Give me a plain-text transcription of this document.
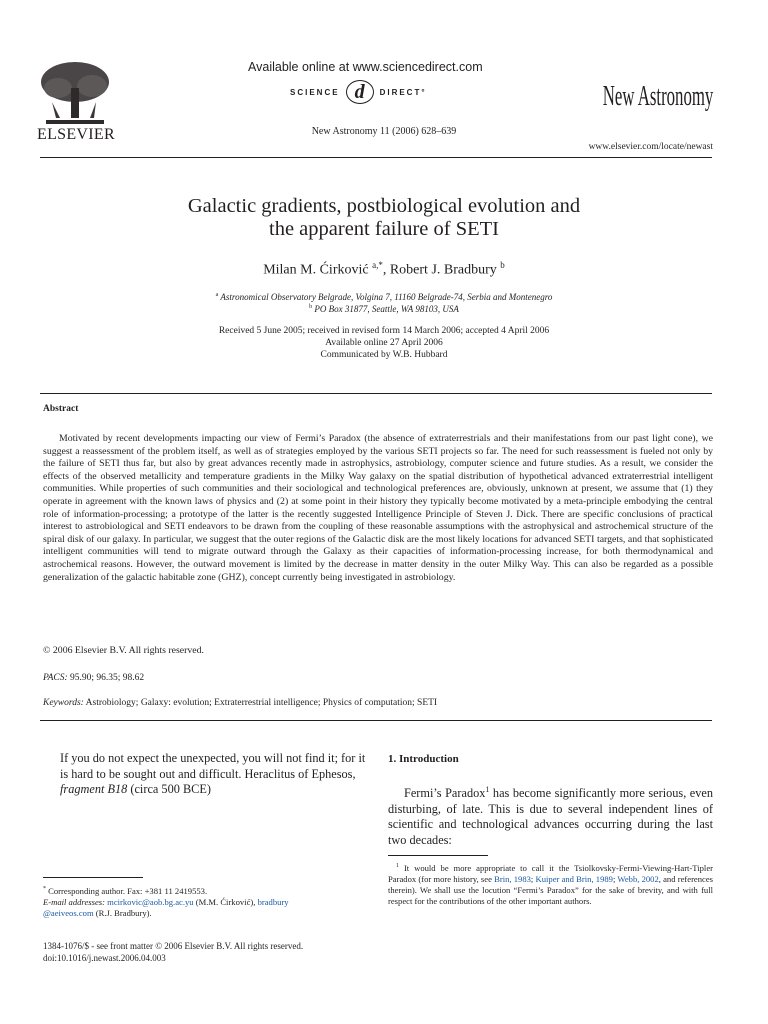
ELSEVIER
Available online at www.sciencedirect.com
SCIENCE d	DIRECT°
New Astronomy 11 (2006) 628–639
New Astronomy
www.elsevier.com/locate/newast
Galactic gradients, postbiological evolution and
the apparent failure of SETI
Milan M. Ćirković $^{a,*}$, Robert J. Bradbury $^b$
$^a$ Astronomical Observatory Belgrade, Volgina 7, 11160 Belgrade-74, Serbia and Montenegro
$^b$ PO Box 31877, Seattle, WA 98103, USA
Received 5 June 2005; received in revised form 14 March 2006; accepted 4 April 2006
Available online 27 April 2006
Communicated by W.B. Hubbard
Abstract
Motivated by recent developments impacting our view of Fermi’s Paradox (the absence of extraterrestrials and their manifestations from our past light cone), we suggest a reassessment of the problem itself, as well as of strategies employed by the various SETI projects so far. The need for such reassessment is fueled not only by the failure of SETI thus far, but also by great advances recently made in astrophysics, astrobiology, computer science and future studies. As a result, we consider the effects of the observed metallicity and temperature gradients in the Milky Way galaxy on the spatial distribution of hypothetical advanced extraterrestrial intelligent communities. While properties of such communities and their sociological and technological preferences are, obviously, unknown at present, we assume that (1) they operate in agreement with the known laws of physics and (2) at some point in their history they typically become motivated by a meta-principle embodying the central role of information-processing; a prototype of the latter is the recently suggested Intelligence Principle of Steven J. Dick. There are specific conclusions of practical interest to astrobiological and SETI endeavors to be drawn from the coupling of these reasonable assumptions with the astrophysical and astrochemical structure of the spiral disk of our galaxy. In particular, we suggest that the outer regions of the Galactic disk are the most likely locations for advanced SETI targets, and that sophisticated intelligent communities will tend to migrate outward through the Galaxy as their capacities of information-processing increase, for both thermodynamical and astrochemical reasons. However, the outward movement is limited by the decrease in matter density in the outer Milky Way. This can also be regarded as a possible generalization of the galactic habitable zone (GHZ), concept currently being investigated in astrobiology.
© 2006 Elsevier B.V. All rights reserved.
PACS: 95.90; 96.35; 98.62
Keywords: Astrobiology; Galaxy: evolution; Extraterrestrial intelligence; Physics of computation; SETI
If you do not expect the unexpected, you will not find it; for it is hard to be sought out and difficult. Heraclitus of Ephesos, fragment B18 (circa 500 BCE)
* Corresponding author. Fax: +381 11 2419553.
E-mail addresses: mcirkovic@aob.bg.ac.yu (M.M. Ćirković), bradbury
@aeiveos.com (R.J. Bradbury).
1384-1076/$ - see front matter © 2006 Elsevier B.V. All rights reserved.
doi:10.1016/j.newast.2006.04.003
1. Introduction
Fermi’s Paradox$^1$ has become significantly more serious, even disturbing, of late. This is due to several independent lines of scientific and technological advances occurring during the last two decades:
$^1$ It would be more appropriate to call it the Tsiolkovsky-Fermi-Viewing-Hart-Tipler Paradox (for more history, see Brin, 1983; Kuiper and Brin, 1989; Webb, 2002, and references therein). We shall use the locution “Fermi’s Paradox” for the sake of brevity, and with full respect for the contributions of the other important authors.
